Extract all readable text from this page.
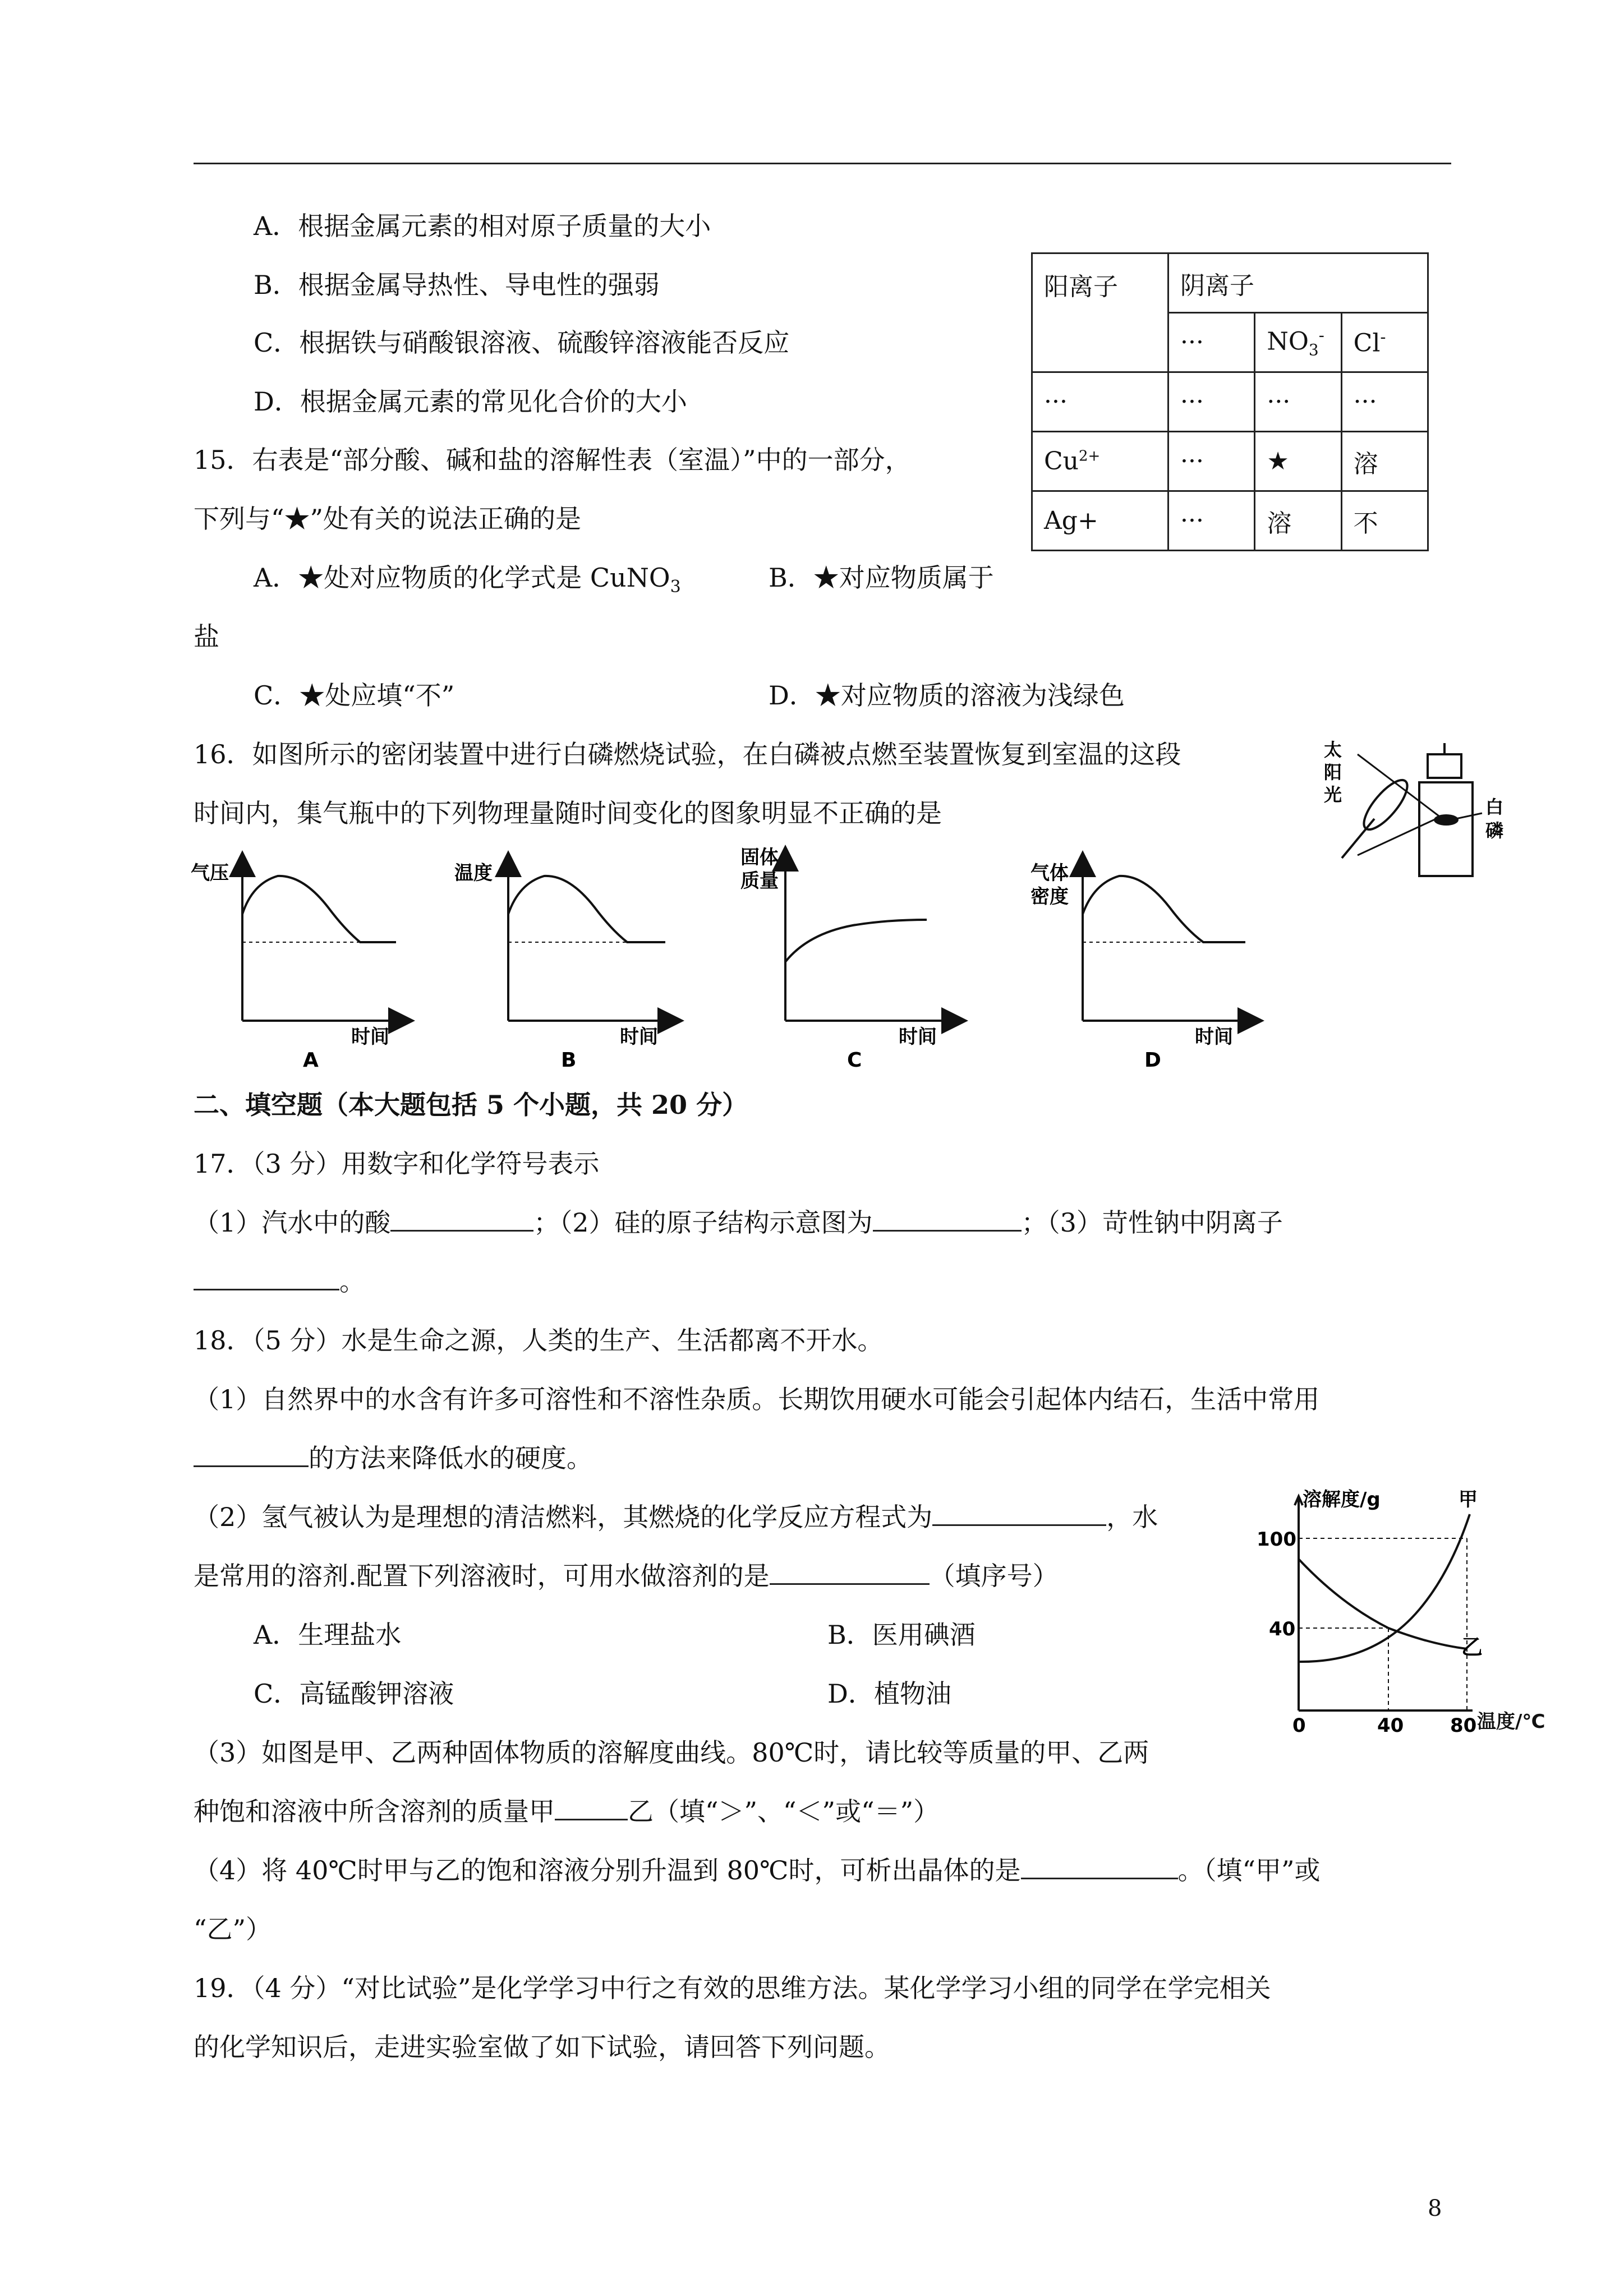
A．根据金属元素的相对原子质量的大小
B．根据金属导热性、导电性的强弱
C．根据铁与硝酸银溶液、硫酸锌溶液能否反应
D．根据金属元素的常见化合价的大小
阳离子	阴离子		
	···	$NO_3^-$	Cl-
···	···	···	···
$Cu^{2+}$	···	★	溶
Ag+	···	溶	不
15．右表是“部分酸、碱和盐的溶解性表（室温）”中的一部分，
下列与“★”处有关的说法正确的是
A．★处对应物质的化学式是 CuNO$_3$	B．★对应物质属于
盐
C．★处应填“不”	D．★对应物质的溶液为浅绿色
16．如图所示的密闭装置中进行白磷燃烧试验，在白磷被点燃至装置恢复到室温的这段
时间内，集气瓶中的下列物理量随时间变化的图象明显不正确的是
太
阳
光
白
磷
气压
时间
A
温度
时间
B
固体
质量
时间
C
气体
密度
时间
D
二、填空题（本大题包括 5 个小题，共 20 分）
17．（3 分）用数字和化学符号表示
（1）汽水中的酸	；（2）硅的原子结构示意图为	；（3）苛性钠中阴离子
。
18．（5 分）水是生命之源，人类的生产、生活都离不开水。
（1）自然界中的水含有许多可溶性和不溶性杂质。长期饮用硬水可能会引起体内结石，生活中常用
的方法来降低水的硬度。
（2）氢气被认为是理想的清洁燃料，其燃烧的化学反应方程式为	，水
是常用的溶剂.配置下列溶液时，可用水做溶剂的是	（填序号）
A．生理盐水	B．医用碘酒
C．高锰酸钾溶液	D．植物油
（3）如图是甲、乙两种固体物质的溶解度曲线。80℃时，请比较等质量的甲、乙两
种饱和溶液中所含溶剂的质量甲	乙（填“＞”、“＜”或“＝”）
（4）将 40℃时甲与乙的饱和溶液分别升温到 80℃时，可析出晶体的是	。（填“甲”或
“乙”）
溶解度/g	甲
乙
100
40
0	40 80 温度/℃
19．（4 分）“对比试验”是化学学习中行之有效的思维方法。某化学学习小组的同学在学完相关
的化学知识后，走进实验室做了如下试验，请回答下列问题。
8
